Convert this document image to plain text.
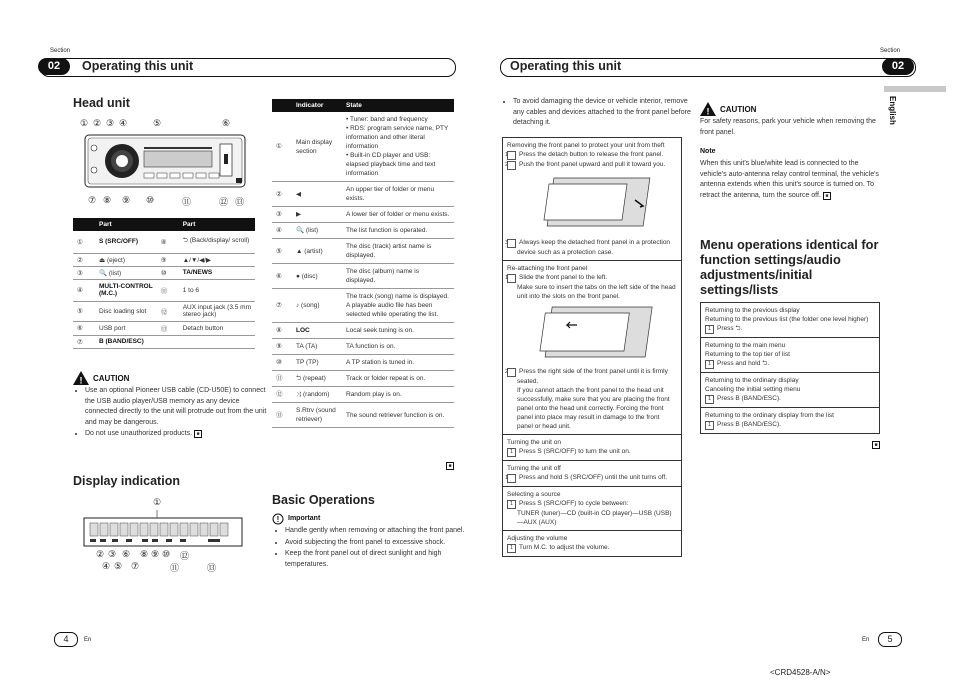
Section
02	Operating this unit
Head unit
① ② ③ ④	⑤	⑥
⑦ ⑧ ⑨ ⑩	⑪	⑫ ⑬
	Part		Part
①	S (SRC/OFF)	⑧	⮌ (Back/display/ scroll)
②	⏏ (eject)	⑨	▲/▼/◀/▶
③	🔍 (list)	⑩	TA/NEWS
④	MULTI-CONTROL (M.C.)	⑪	1 to 6
⑤	Disc loading slot	⑫	AUX input jack (3.5 mm stereo jack)
⑥	USB port	⑬	Detach button
⑦	B (BAND/ESC)		
! CAUTION
• Use an optional Pioneer USB cable (CD-U50E) to connect the USB audio player/USB memory as any device connected directly to the unit will protrude out from the unit and may be dangerous.
• Do not use unauthorized products. ■
Display indication
①
② ③ ⑥ ⑧ ⑨ ⑩ ⑫
④ ⑤ ⑦	⑪	⑬
	Indicator	State
①	Main display section	• Tuner: band and frequency
• RDS: program service name, PTY information and other literal information
• Built-in CD player and USB: elapsed playback time and text information
②	◀	An upper tier of folder or menu exists.
③	▶	A lower tier of folder or menu exists.
④	🔍 (list)	The list function is operated.
⑤	▲ (artist)	The disc (track) artist name is displayed.
⑥	● (disc)	The disc (album) name is displayed.
⑦	♪ (song)	The track (song) name is displayed. A playable audio file has been selected while operating the list.
⑧	LOC	Local seek tuning is on.
⑨	TA (TA)	TA function is on.
⑩	TP (TP)	A TP station is tuned in.
⑪	⮌ (repeat)	Track or folder repeat is on.
⑫	⤨ (random)	Random play is on.
⑬	S.Rtrv (sound retriever)	The sound retriever function is on.
■
Basic Operations
! Important
• Handle gently when removing or attaching the front panel.
• Avoid subjecting the front panel to excessive shock.
• Keep the front panel out of direct sunlight and high temperatures.
4	En
Section
02
Operating this unit
English
• To avoid damaging the device or vehicle interior, remove any cables and devices attached to the front panel before detaching it.
Removing the front panel to protect your unit from theft
1 Press the detach button to release the front panel.
2 Push the front panel upward and pull it toward you.
3 Always keep the detached front panel in a protection device such as a protection case.
Re-attaching the front panel
1 Slide the front panel to the left.
Make sure to insert the tabs on the left side of the head unit into the slots on the front panel.
2 Press the right side of the front panel until it is firmly seated.
If you cannot attach the front panel to the head unit successfully, make sure that you are placing the front panel onto the head unit correctly. Forcing the front panel into place may result in damage to the front panel or head unit.
Turning the unit on
1 Press S (SRC/OFF) to turn the unit on.
Turning the unit off
1 Press and hold S (SRC/OFF) until the unit turns off.
Selecting a source
1 Press S (SRC/OFF) to cycle between:
TUNER (tuner)—CD (built-in CD player)—USB (USB)—AUX (AUX)
Adjusting the volume
1 Turn M.C. to adjust the volume.
! CAUTION
For safety reasons, park your vehicle when removing the front panel.
Note
When this unit's blue/white lead is connected to the vehicle's auto-antenna relay control terminal, the vehicle's antenna extends when this unit's source is turned on. To retract the antenna, turn the source off. ■
Menu operations identical for function settings/audio adjustments/initial settings/lists
Returning to the previous display
Returning to the previous list (the folder one level higher)
1 Press ⮌.
Returning to the main menu
Returning to the top tier of list
1 Press and hold ⮌.
Returning to the ordinary display
Canceling the initial setting menu
1 Press B (BAND/ESC).
Returning to the ordinary display from the list
1 Press B (BAND/ESC).
■
5
En
<CRD4528-A/N>
